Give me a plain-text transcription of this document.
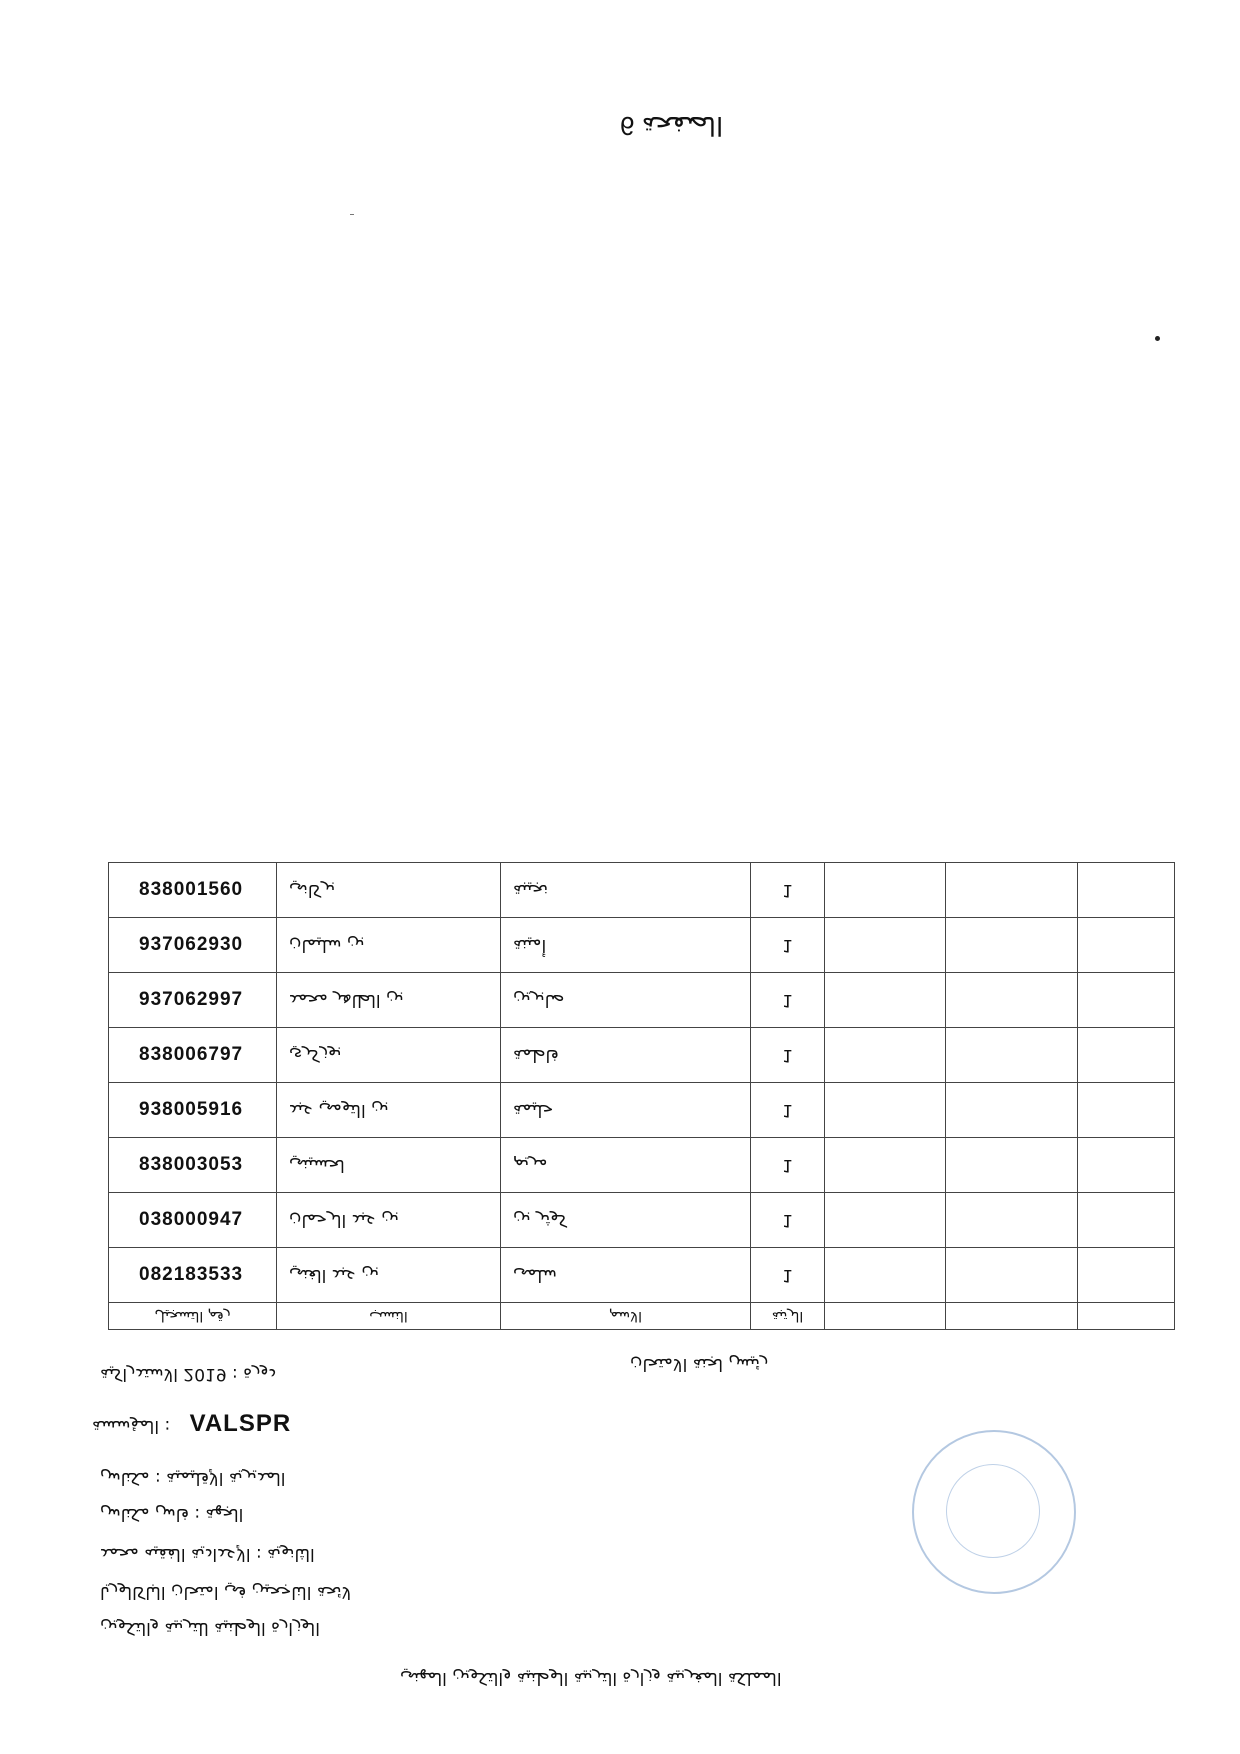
6 الصفحة
838001560	بركاني	نجيبة	1			
937062930	بن سليمان	أمينة	1			
937062997	بن الطاهر محمد	صابرين	1			
838006797	بوزكري	فاطمة	1			
938005916	بن التومي عبد	حليمة	1			
838003053	لحسيني	مريم	1			
038000947	بن عبد الرحمان	كوثر بن	1			
082183533	بن عبد الغني	سلمى	1			
رقم التسجيل	النسب	الاسم	الرتبة			
رئيس لجنة الامتحان
دورة : 2019 الاستدراكية
المؤسسة : VALSPR
المديرية الإقليمية : مكناس
الجهة : فاس مكناس
الثانوية : الإعدادية الفقيه محمد
لائحة الناجحين في امتحان الباكالوريا
الوزارة الوطنية للتربية والتكوين
المملكة المغربية وزارة التربية الوطنية والتكوين المهني
